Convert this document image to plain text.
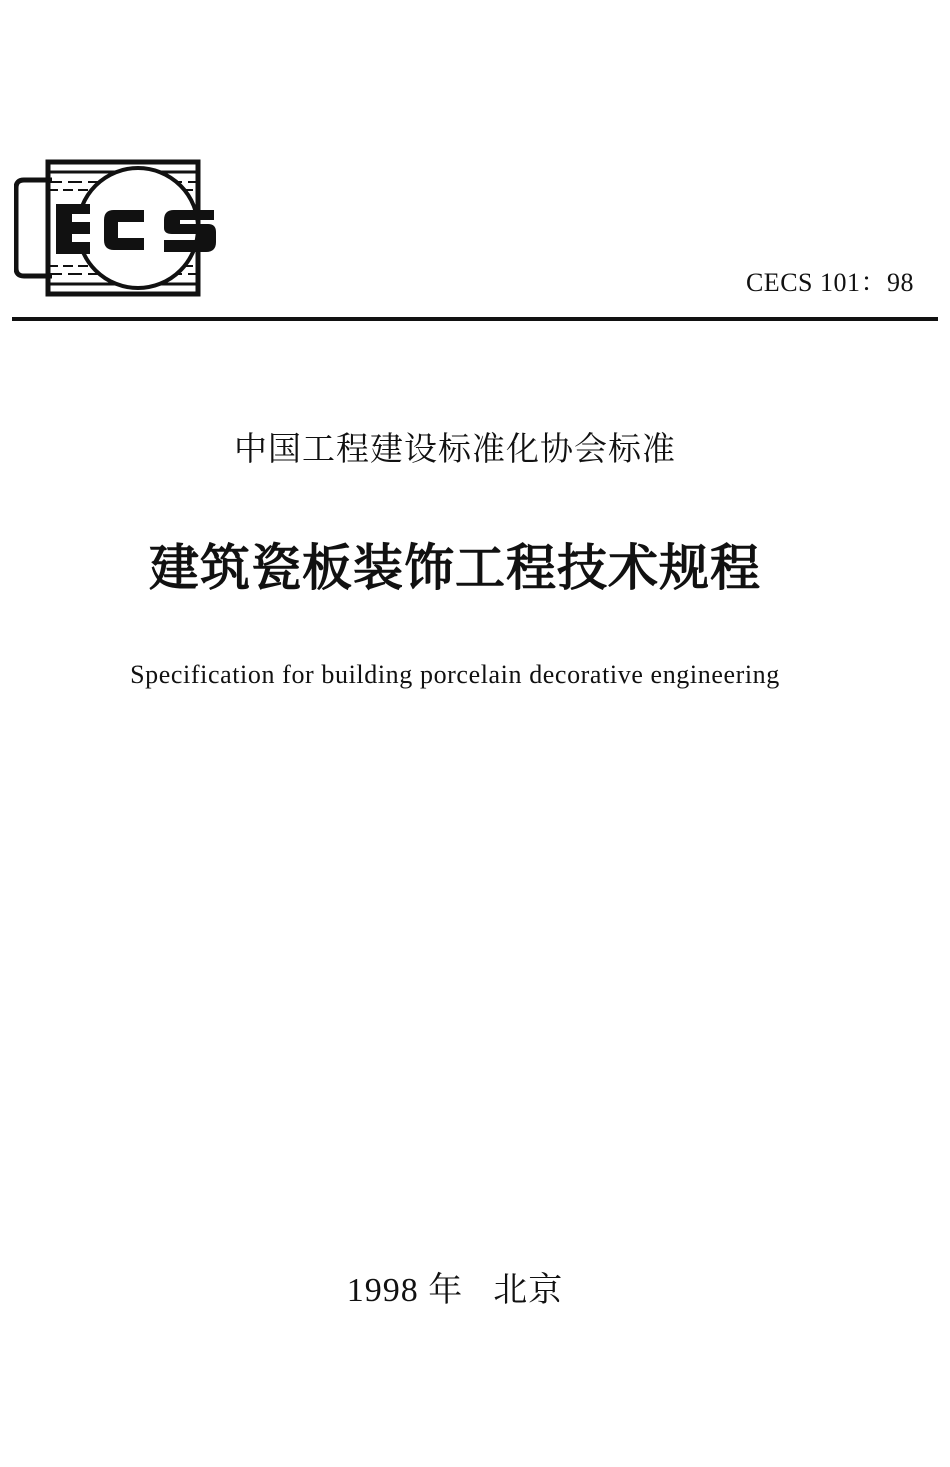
CECS 101：98
中国工程建设标准化协会标准
建筑瓷板装饰工程技术规程
Specification for building porcelain decorative engineering
1998 年 北京
